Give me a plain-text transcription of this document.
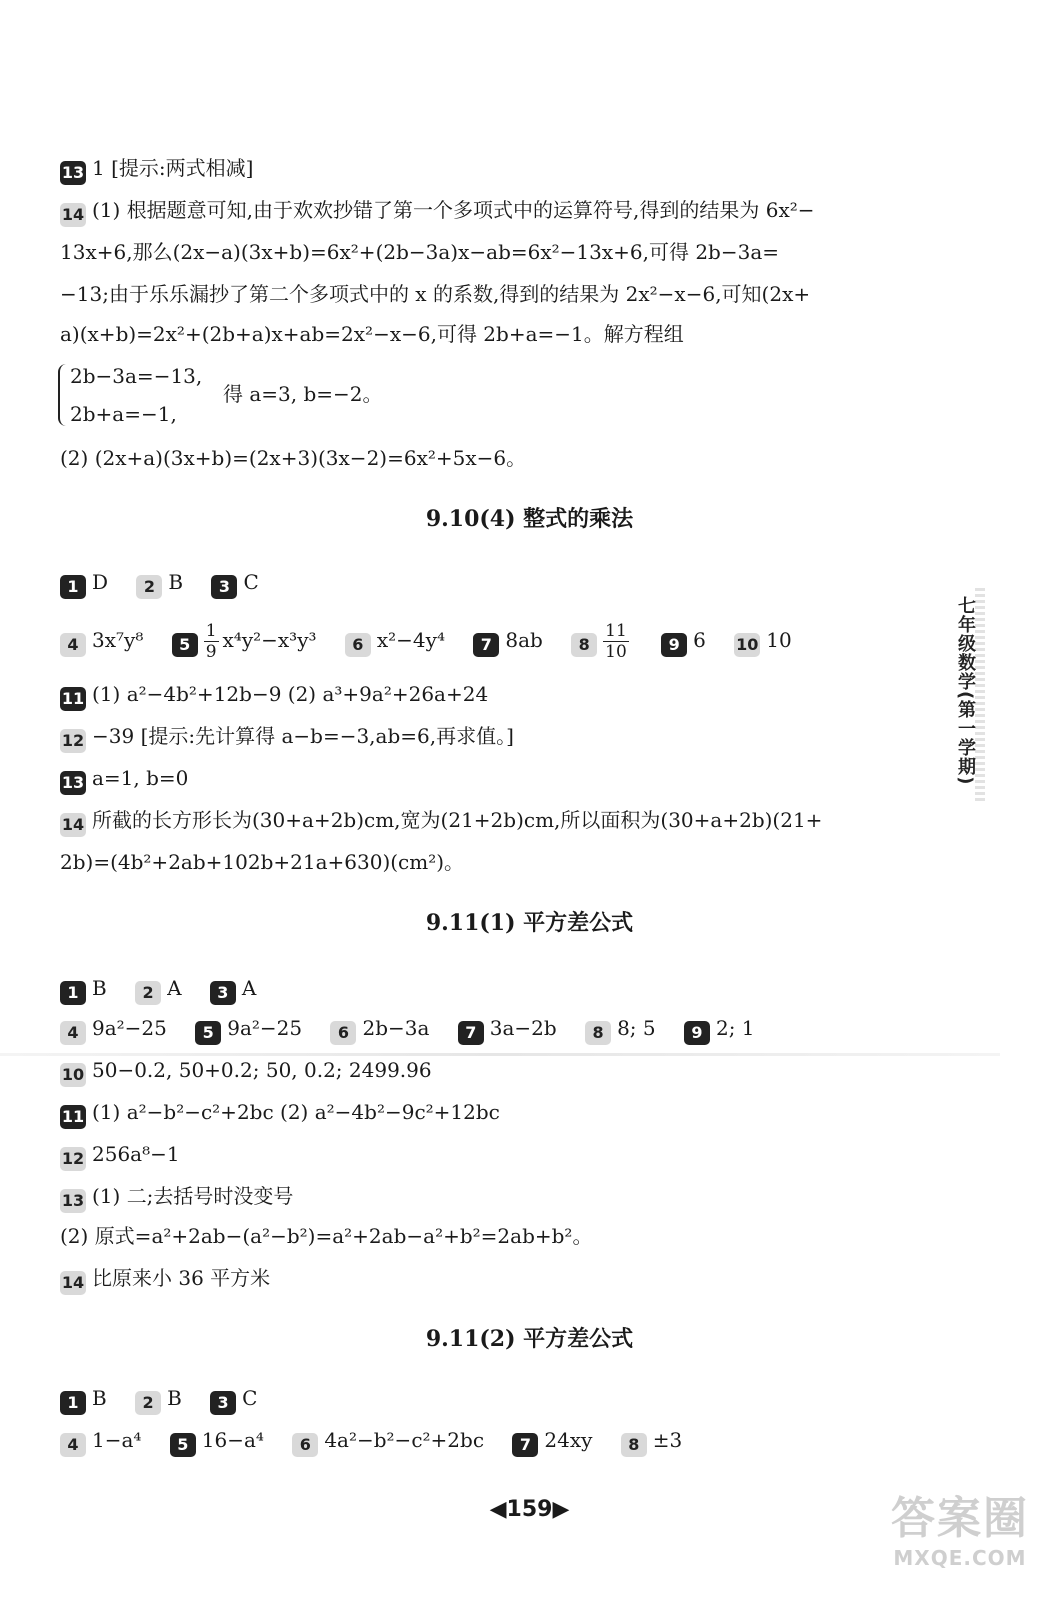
13 1 [提示:两式相减]
14 (1) 根据题意可知,由于欢欢抄错了第一个多项式中的运算符号,得到的结果为 6x²−
13x+6,那么(2x−a)(3x+b)=6x²+(2b−3a)x−ab=6x²−13x+6,可得 2b−3a=
−13;由于乐乐漏抄了第二个多项式中的 x 的系数,得到的结果为 2x²−x−6,可知(2x+
a)(x+b)=2x²+(2b+a)x+ab=2x²−x−6,可得 2b+a=−1。解方程组
2b−3a=−13,
2b+a=−1,
得 a=3, b=−2。
(2) (2x+a)(3x+b)=(2x+3)(3x−2)=6x²+5x−6。
9.10(4) 整式的乘法
1 D 2 B 3 C
4 3x⁷y⁸ $5 \frac{1}{9} x^4y^2-x^3y^3$ 6 x²−4y⁴ 7 8ab $8 \frac{11}{10} 9$ 6 10 10
11 (1) a²−4b²+12b−9 (2) a³+9a²+26a+24
12 −39 [提示:先计算得 a−b=−3,ab=6,再求值。]
13 a=1, b=0
14 所截的长方形长为(30+a+2b)cm,宽为(21+2b)cm,所以面积为(30+a+2b)(21+
2b)=(4b²+2ab+102b+21a+630)(cm²)。
9.11(1) 平方差公式
1 B 2 A 3 A
4 9a²−25 5 9a²−25 6 2b−3a 7 3a−2b 8 8; 5 9 2; 1
10 50−0.2, 50+0.2; 50, 0.2; 2499.96
11 (1) a²−b²−c²+2bc (2) a²−4b²−9c²+12bc
12 256a⁸−1
13 (1) 二;去括号时没变号
(2) 原式=a²+2ab−(a²−b²)=a²+2ab−a²+b²=2ab+b²。
14 比原来小 36 平方米
9.11(2) 平方差公式
1 B 2 B 3 C
4 1−a⁴ 5 16−a⁴ 6 4a²−b²−c²+2bc 7 24xy 8 ±3
七年级数学(第一学期)
◀159▶	答案圈
MXQE.COM
